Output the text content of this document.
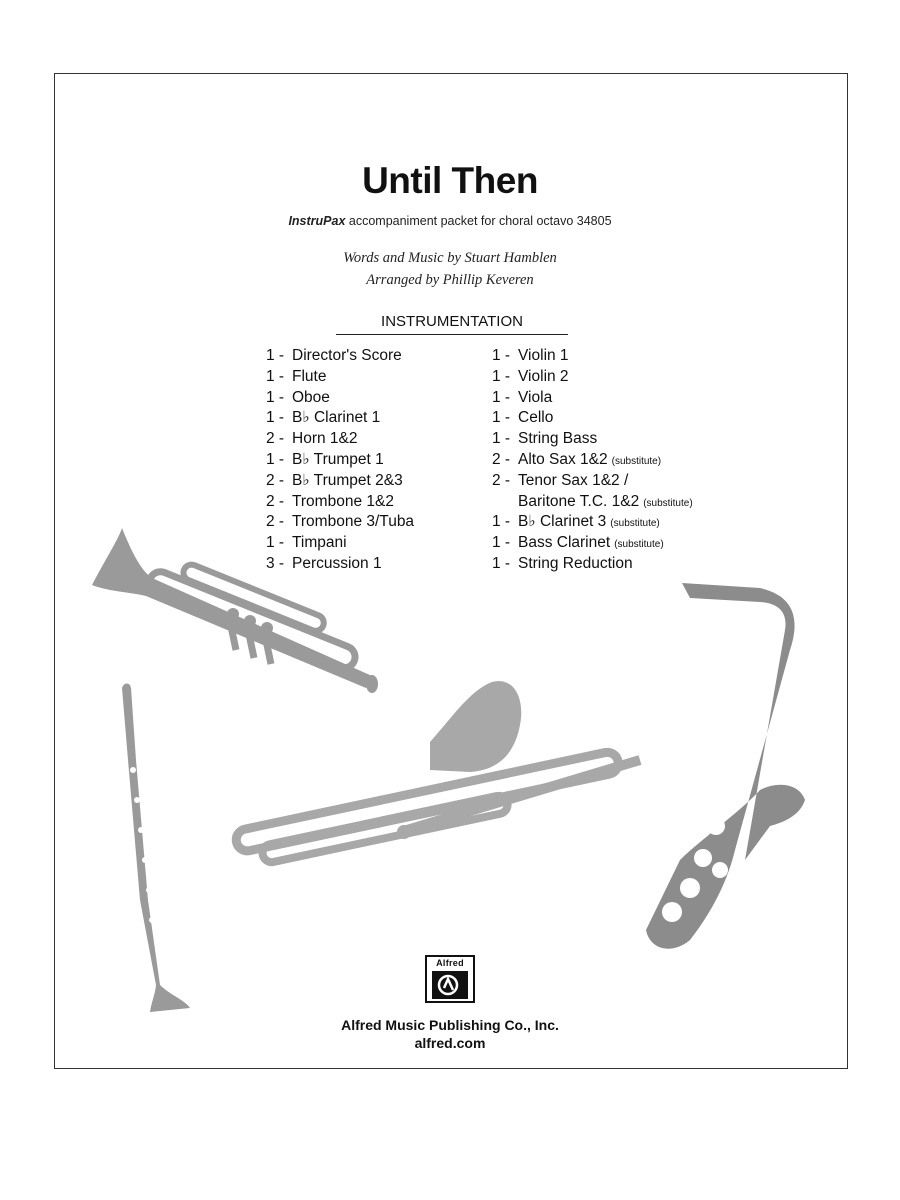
Until Then
InstruPax accompaniment packet for choral octavo 34805
Words and Music by Stuart Hamblen
Arranged by Phillip Keveren
INSTRUMENTATION
1 - Director's Score
1 - Flute
1 - Oboe
1 - B♭ Clarinet 1
2 - Horn 1&2
1 - B♭ Trumpet 1
2 - B♭ Trumpet 2&3
2 - Trombone 1&2
2 - Trombone 3/Tuba
1 - Timpani
3 - Percussion 1
1 - Violin 1
1 - Violin 2
1 - Viola
1 - Cello
1 - String Bass
2 - Alto Sax 1&2 (substitute)
2 - Tenor Sax 1&2 /
Baritone T.C. 1&2 (substitute)
1 - B♭ Clarinet 3 (substitute)
1 - Bass Clarinet (substitute)
1 - String Reduction
Alfred
Alfred Music Publishing Co., Inc.
alfred.com
